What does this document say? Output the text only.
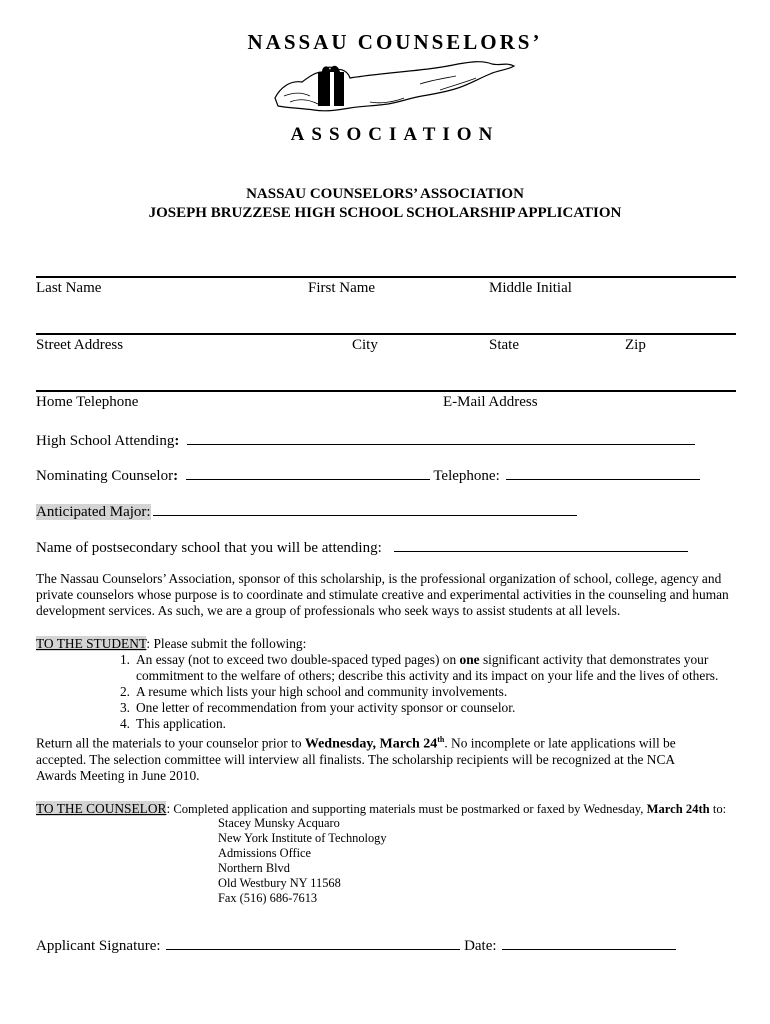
NASSAU COUNSELORS’
ASSOCIATION
NASSAU COUNSELORS’ ASSOCIATION
JOSEPH BRUZZESE HIGH SCHOOL SCHOLARSHIP APPLICATION
Last Name	First Name	Middle Initial
Street Address	City	State	Zip
Home Telephone	E-Mail Address
High School Attending:
Nominating Counselor:	Telephone:
Anticipated Major:
Name of postsecondary school that you will be attending:
The Nassau Counselors’ Association, sponsor of this scholarship, is the professional organization of school, college, agency and private counselors whose purpose is to coordinate and stimulate creative and experimental activities in the counseling and human development services. As such, we are a group of professionals who seek ways to assist students at all levels.
TO THE STUDENT: Please submit the following:
1. An essay (not to exceed two double-spaced typed pages) on one significant activity that demonstrates your
commitment to the welfare of others; describe this activity and its impact on your life and the lives of others.
2. A resume which lists your high school and community involvements.
3. One letter of recommendation from your activity sponsor or counselor.
4. This application.
Return all the materials to your counselor prior to Wednesday, March 24th. No incomplete or late applications will be
accepted. The selection committee will interview all finalists. The scholarship recipients will be recognized at the NCA
Awards Meeting in June 2010.
TO THE COUNSELOR: Completed application and supporting materials must be postmarked or faxed by Wednesday, March 24th to:
Stacey Munsky Acquaro
New York Institute of Technology
Admissions Office
Northern Blvd
Old Westbury NY 11568
Fax (516) 686-7613
Applicant Signature:	Date:
